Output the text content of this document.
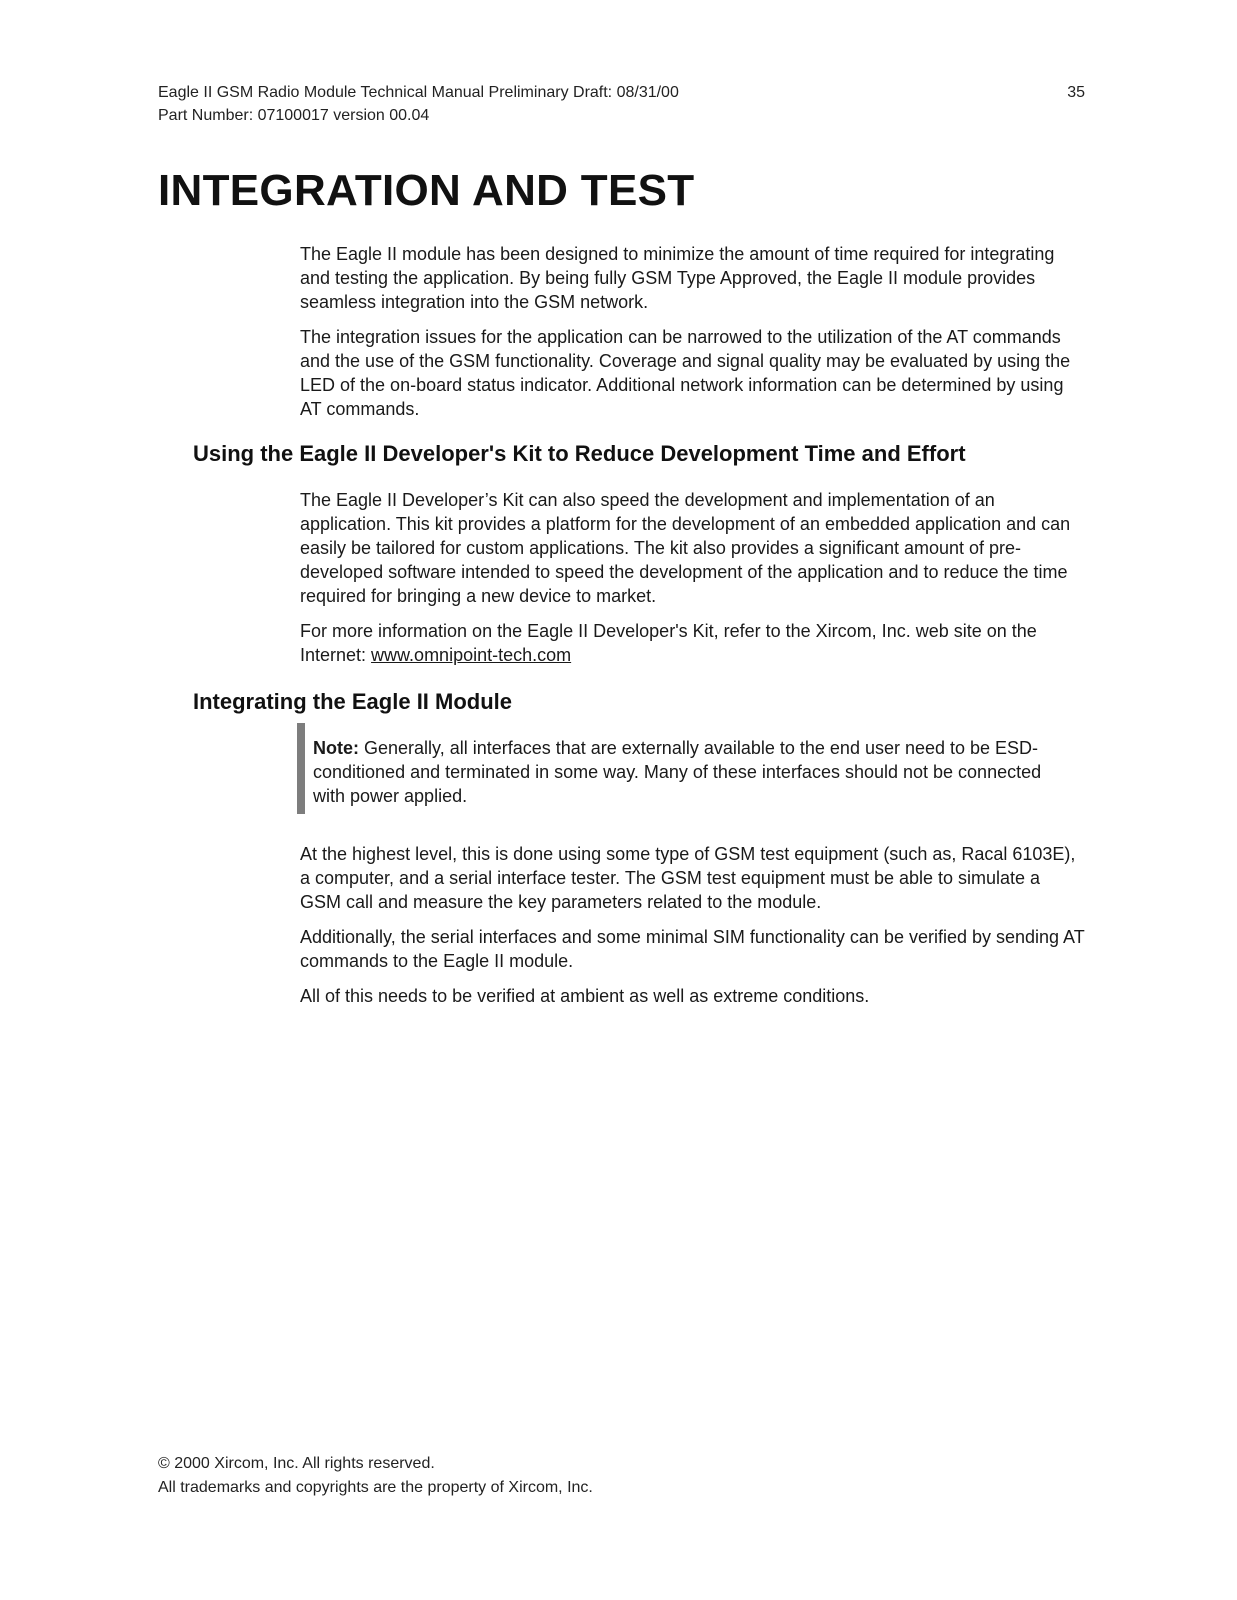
Eagle II GSM Radio Module Technical Manual Preliminary Draft: 08/31/00	35
Part Number: 07100017 version 00.04
INTEGRATION AND TEST

The Eagle II module has been designed to minimize the amount of time required for integrating and testing the application. By being fully GSM Type Approved, the Eagle II module provides seamless integration into the GSM network.

The integration issues for the application can be narrowed to the utilization of the AT commands and the use of the GSM functionality. Coverage and signal quality may be evaluated by using the LED of the on-board status indicator. Additional network information can be determined by using AT commands.

Using the Eagle II Developer's Kit to Reduce Development Time and Effort

The Eagle II Developer’s Kit can also speed the development and implementation of an application. This kit provides a platform for the development of an embedded application and can easily be tailored for custom applications. The kit also provides a significant amount of pre-developed software intended to speed the development of the application and to reduce the time required for bringing a new device to market.

For more information on the Eagle II Developer's Kit, refer to the Xircom, Inc. web site on the Internet: www.omnipoint-tech.com

Integrating the Eagle II Module
Note: Generally, all interfaces that are externally available to the end user need to be ESD-conditioned and terminated in some way. Many of these interfaces should not be connected with power applied.

At the highest level, this is done using some type of GSM test equipment (such as, Racal 6103E), a computer, and a serial interface tester. The GSM test equipment must be able to simulate a GSM call and measure the key parameters related to the module.

Additionally, the serial interfaces and some minimal SIM functionality can be verified by sending AT commands to the Eagle II module.

All of this needs to be verified at ambient as well as extreme conditions.

© 2000 Xircom, Inc. All rights reserved.
All trademarks and copyrights are the property of Xircom, Inc.
